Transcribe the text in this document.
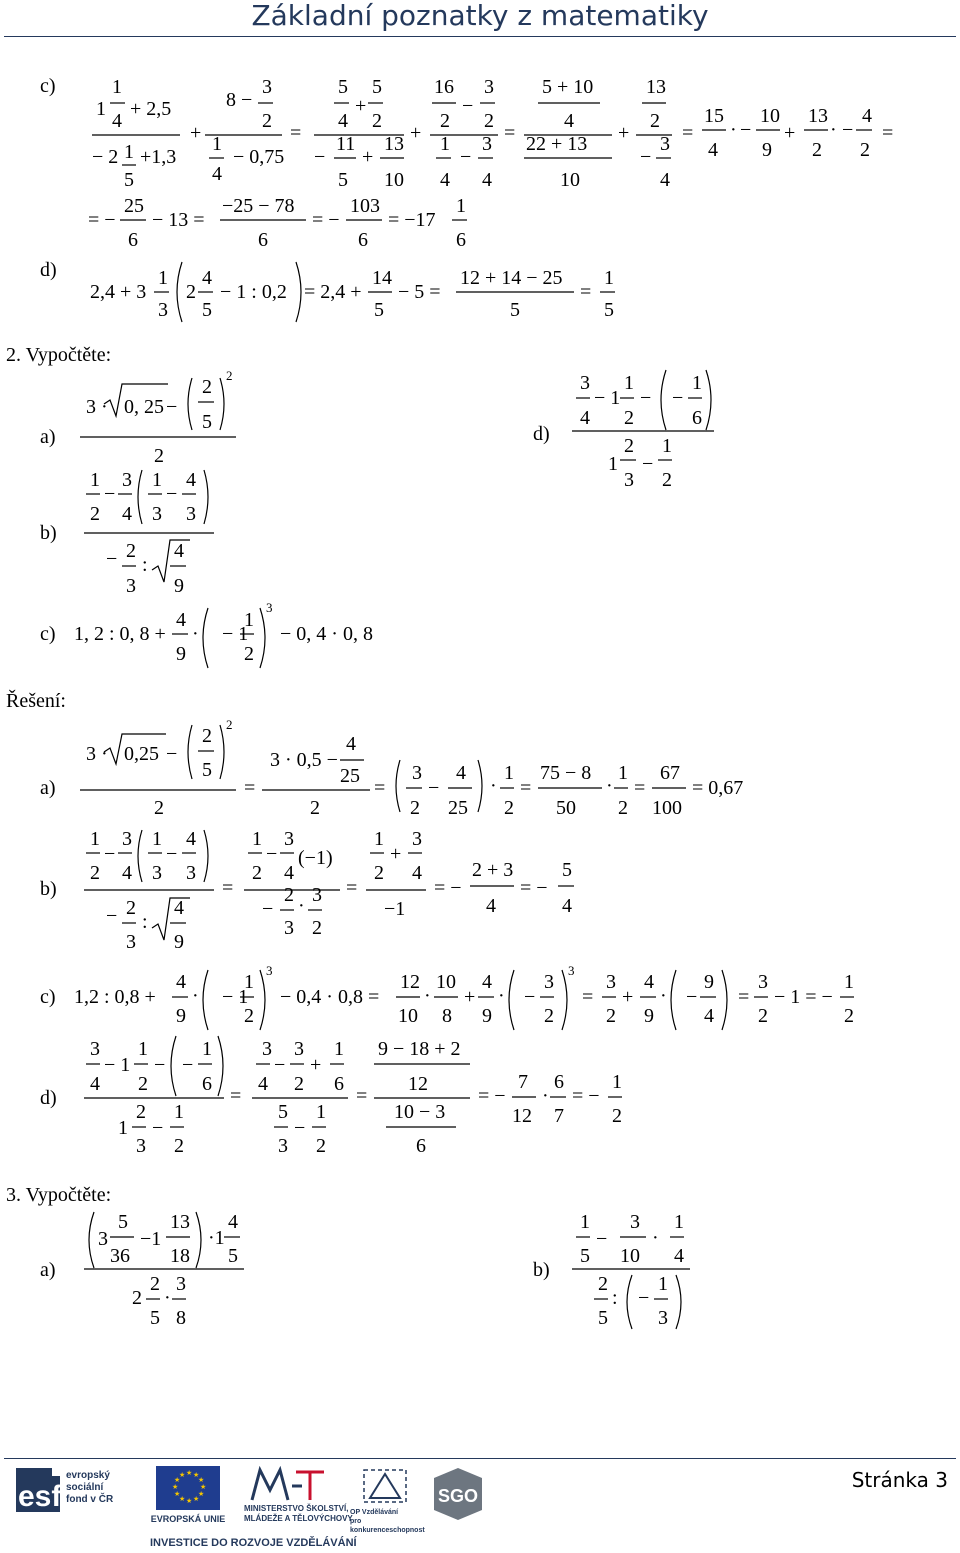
Základní poznatky z matematiky
c)
d)
1
4
1 + 2,5
− 2 1
5
+1,3
+
8 −
3
2
1
4
− 0,75
=
5
4
+
5
2
−
11
5
+
13
10
+
16
2
−
3
2
1
4
−
3
4
=
5 + 10
4
22 + 13
10
+
13
2
−
3
4
=
15
4
· −
10
9
+
13
2
· −
4
2
=
= −
25
6
− 13 =
−25 − 78
6
= −
103
6
= −17
1
6
2,4 + 3
1
3
2
4
5
− 1 : 0,2 = 2,4 +
14
5
− 5 =
12 + 14 − 25
5
=
1
5
2. Vypočtěte:
a)
b)
c)
d)
3 · 0, 25 −
2
5
2
2
1
2
−
3
4
1
3
−
4
3
− 2
3
:
4
9
1, 2 : 0, 8 +
4
9
· − 1
1
2
3
− 0, 4 · 0, 8
3
4
− 1
1
2
− −
1
6
1
2
3
−
1
2
Řešení:
a)
b)
c)
d)
3 · 0,25 −
2
5
2
2
=
3 · 0,5 −
4
25
2
=
3
2
−
4
25
·
1
2
=
75 − 8
50
·
1
2
=
67
100
= 0,67
1
2
−
3
4
1
3
−
4
3
− 2
3
:
4
9
=
1
2
−
3
4
(−1)
−
2
3
· 3
2
=
1
2
+
3
4
−1
= −
2 + 3
4
= −
5
4
1,2 : 0,8 +
4
9
· − 1
1
2
3
− 0,4 · 0,8 =
12
10
·
10
8
+
4
9
· −
3
2
3
=
3
2
+
4
9
· −
9
4
=
3
2
− 1 = −
1
2
3
4
− 1
1
2
− −
1
6
1
2
3
−
1
2
=
3
4
−
3
2
+
1
6
5
3
−
1
2
=
9 − 18 + 2
12
10 − 3
6
= −
7
12
·
6
7
= −
1
2
3. Vypočtěte:
a)	b)
3
5
36
−1
13
18
·1
4
5
2
2
5
·
3
8
1
5
−
3
10
·
1
4
2
5
: −
1
3
esf
evropský
sociální
fond v ČR
★ ★
★
★
★
★
★
★
★
★
★
★
EVROPSKÁ UNIE
MINISTERSTVO ŠKOLSTVÍ,
MLÁDEŽE A TĚLOVÝCHOVY
OP Vzdělávání
pro konkurenceschopnost
SGO
INVESTICE DO ROZVOJE VZDĚLÁVÁNÍ
Stránka 3
